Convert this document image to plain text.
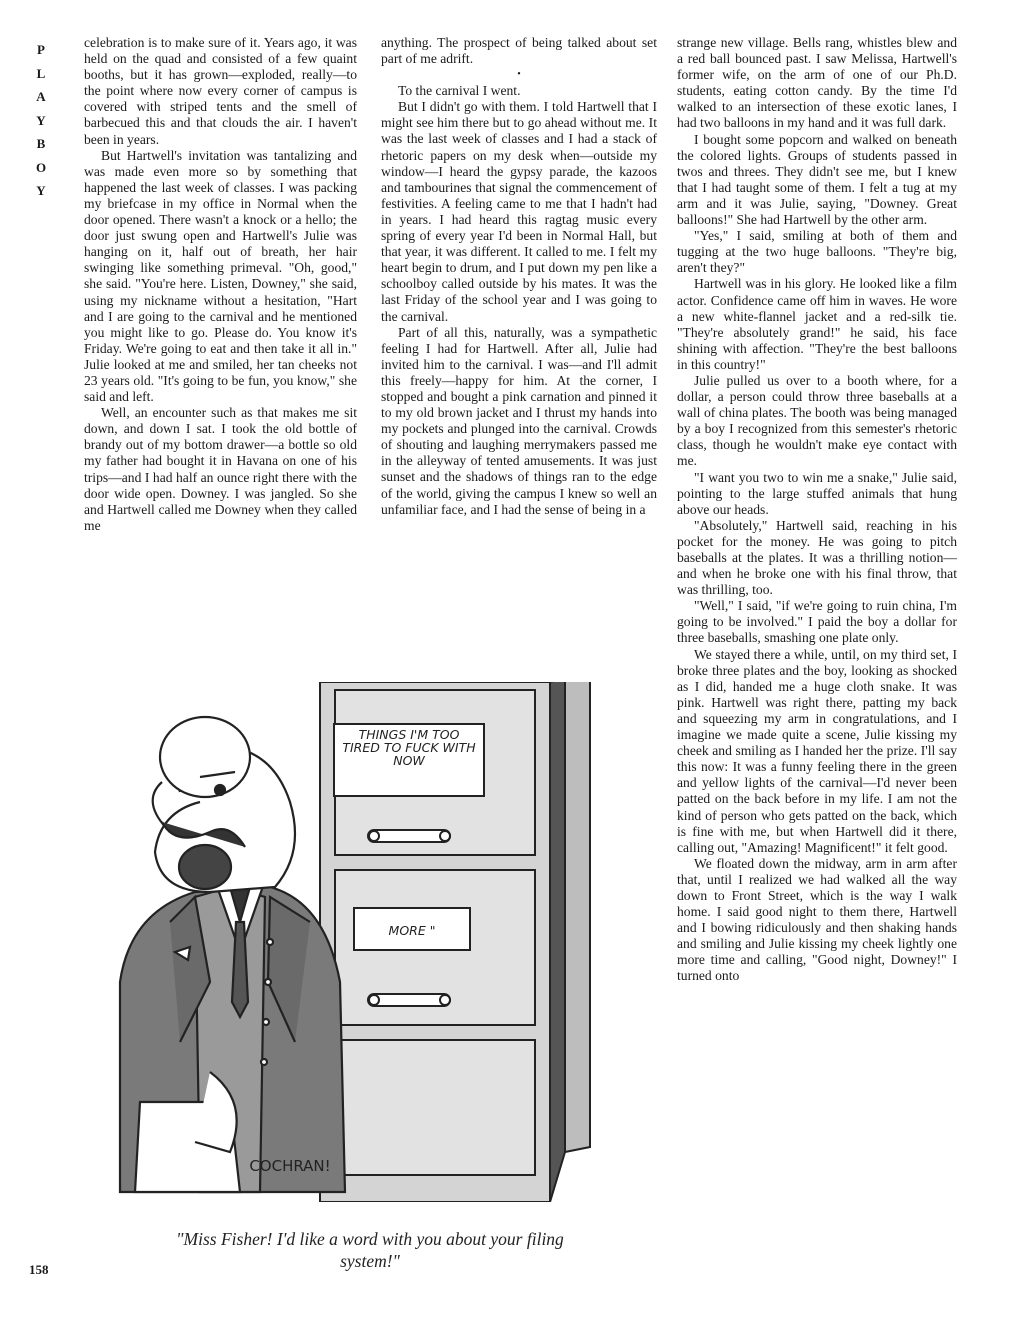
P
L
A
Y
B
O
Y

celebration is to make sure of it. Years ago, it was held on the quad and consisted of a few quaint booths, but it has grown—exploded, really—to the point where now every corner of campus is covered with striped tents and the smell of barbecued this and that clouds the air. I haven't been in years.

But Hartwell's invitation was tantalizing and was made even more so by something that happened the last week of classes. I was packing my briefcase in my office in Normal when the door opened. There wasn't a knock or a hello; the door just swung open and Hartwell's Julie was hanging on it, half out of breath, her hair swinging like something primeval. "Oh, good," she said. "You're here. Listen, Downey," she said, using my nickname without a hesitation, "Hart and I are going to the carnival and he mentioned you might like to go. Please do. You know it's Friday. We're going to eat and then take it all in." Julie looked at me and smiled, her tan cheeks not 23 years old. "It's going to be fun, you know," she said and left.

Well, an encounter such as that makes me sit down, and down I sat. I took the old bottle of brandy out of my bottom drawer—a bottle so old my father had bought it in Havana on one of his trips—and I had half an ounce right there with the door wide open. Downey. I was jangled. So she and Hartwell called me Downey when they called me

anything. The prospect of being talked about set part of me adrift.

•

To the carnival I went.

But I didn't go with them. I told Hartwell that I might see him there but to go ahead without me. It was the last week of classes and I had a stack of rhetoric papers on my desk when—outside my window—I heard the gypsy parade, the kazoos and tambourines that signal the commencement of festivities. A feeling came to me that I hadn't had in years. I had heard this ragtag music every spring of every year I'd been in Normal Hall, but that year, it was different. It called to me. I felt my heart begin to drum, and I put down my pen like a schoolboy called outside by his mates. It was the last Friday of the school year and I was going to the carnival.

Part of all this, naturally, was a sympathetic feeling I had for Hartwell. After all, Julie had invited him to the carnival. I was—and I'll admit this freely—happy for him. At the corner, I stopped and bought a pink carnation and pinned it to my old brown jacket and I thrust my hands into my pockets and plunged into the carnival. Crowds of shouting and laughing merrymakers passed me in the alleyway of tented amusements. It was just sunset and the shadows of things ran to the edge of the world, giving the campus I knew so well an unfamiliar face, and I had the sense of being in a

strange new village. Bells rang, whistles blew and a red ball bounced past. I saw Melissa, Hartwell's former wife, on the arm of one of our Ph.D. students, eating cotton candy. By the time I'd walked to an intersection of these exotic lanes, I had two balloons in my hand and it was full dark.

I bought some popcorn and walked on beneath the colored lights. Groups of students passed in twos and threes. They didn't see me, but I knew that I had taught some of them. I felt a tug at my arm and it was Julie, saying, "Downey. Great balloons!" She had Hartwell by the other arm.

"Yes," I said, smiling at both of them and tugging at the two huge balloons. "They're big, aren't they?"

Hartwell was in his glory. He looked like a film actor. Confidence came off him in waves. He wore a new white-flannel jacket and a red-silk tie. "They're absolutely grand!" he said, his face shining with affection. "They're the best balloons in this country!"

Julie pulled us over to a booth where, for a dollar, a person could throw three baseballs at a wall of china plates. The booth was being managed by a boy I recognized from this semester's rhetoric class, though he wouldn't make eye contact with me.

"I want you two to win me a snake," Julie said, pointing to the large stuffed animals that hung above our heads.

"Absolutely," Hartwell said, reaching in his pocket for the money. He was going to pitch baseballs at the plates. It was a thrilling notion—and when he broke one with his final throw, that was thrilling, too.

"Well," I said, "if we're going to ruin china, I'm going to be involved." I paid the boy a dollar for three baseballs, smashing one plate only.

We stayed there a while, until, on my third set, I broke three plates and the boy, looking as shocked as I did, handed me a huge cloth snake. It was pink. Hartwell was right there, patting my back and squeezing my arm in congratulations, and I imagine we made quite a scene, Julie kissing my cheek and smiling as I handed her the prize. I'll say this now: It was a funny feeling there in the green and yellow lights of the carnival—I'd never been patted on the back before in my life. I am not the kind of person who gets patted on the back, which is fine with me, but when Hartwell did it there, calling out, "Amazing! Magnificent!" it felt good.

We floated down the midway, arm in arm after that, until I realized we had walked all the way down to Front Street, which is the way I walk home. I said good night to them there, Hartwell and I bowing ridiculously and then shaking hands and smiling and Julie kissing my cheek lightly one more time and calling, "Good night, Downey!" I turned onto

THINGS I'M TOO TIRED TO FUCK WITH NOW
MORE "
COCHRAN!
"Miss Fisher! I'd like a word with you about your filing system!"
158
